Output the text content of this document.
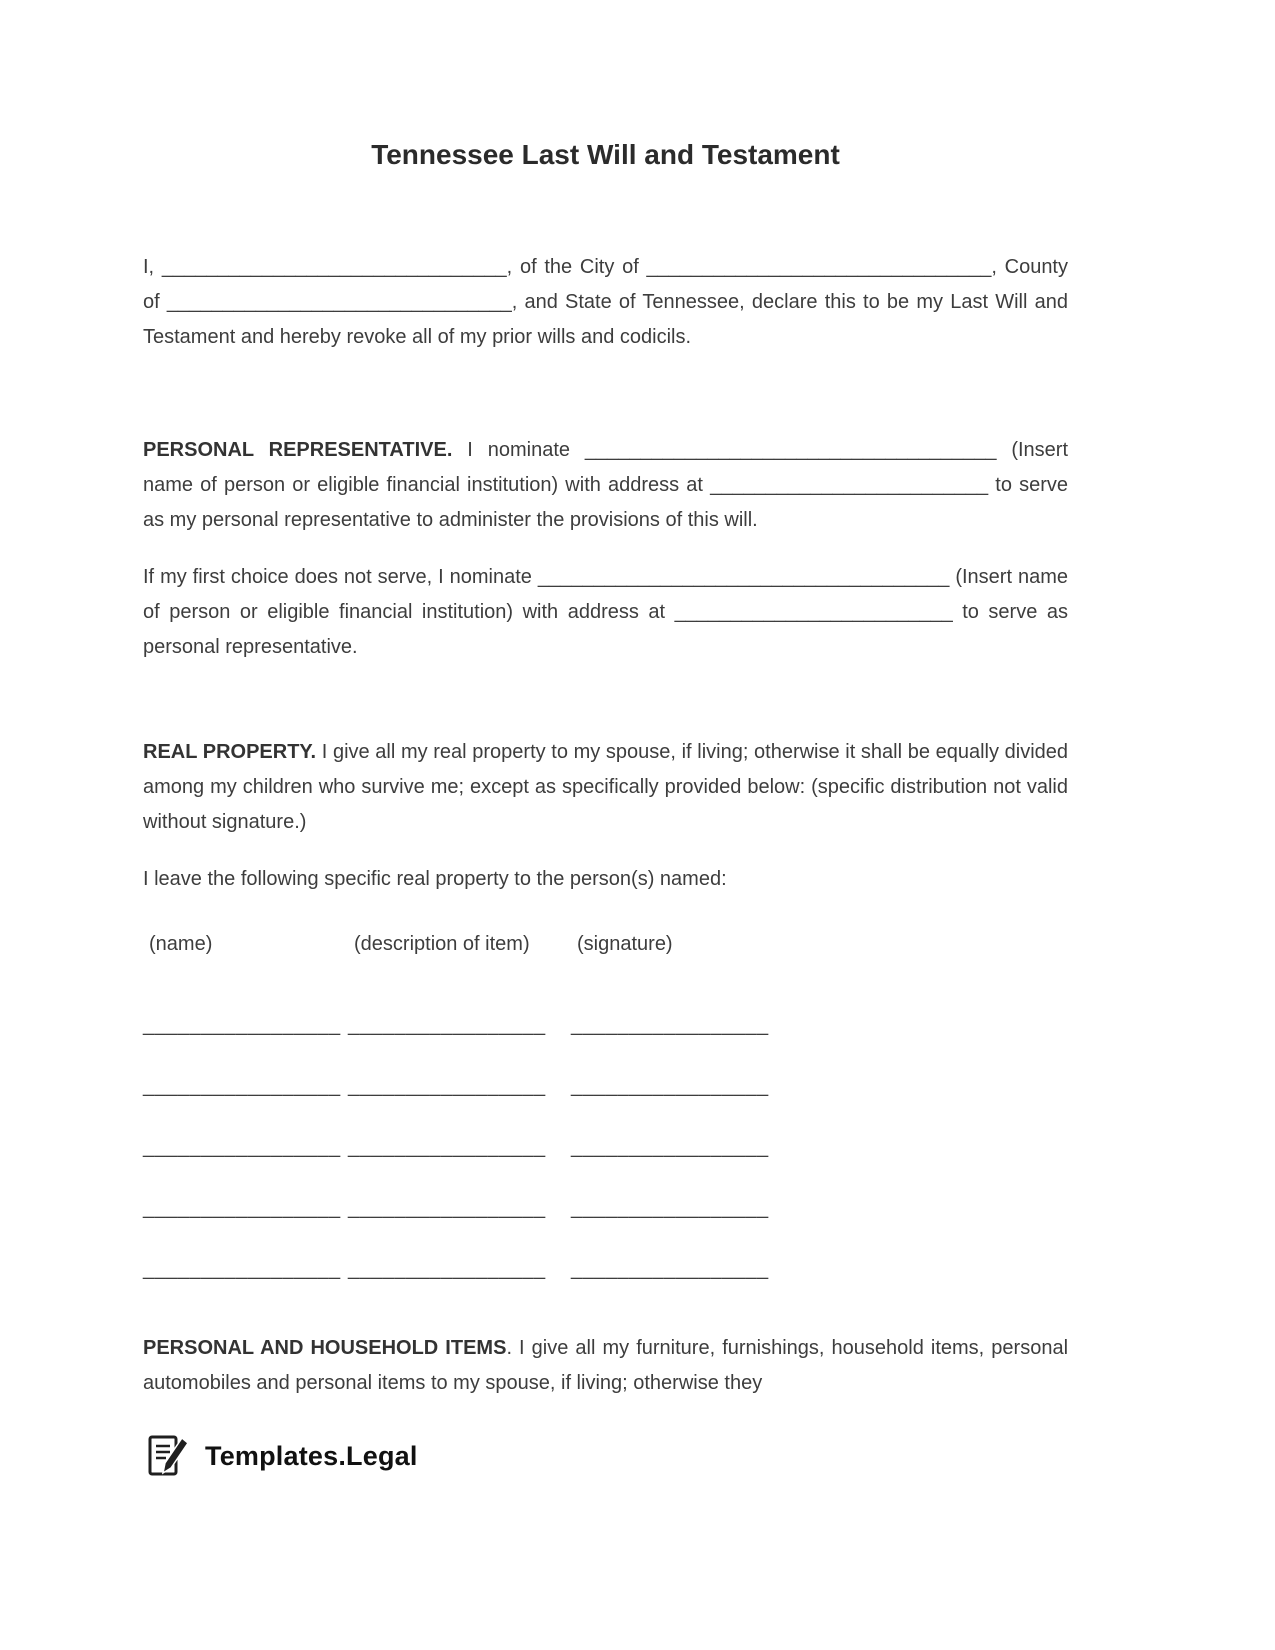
Tennessee Last Will and Testament

I, _______________________________, of the City of _______________________________, County of _______________________________, and State of Tennessee, declare this to be my Last Will and Testament and hereby revoke all of my prior wills and codicils.

PERSONAL REPRESENTATIVE. I nominate _____________________________________ (Insert name of person or eligible financial institution) with address at _________________________ to serve as my personal representative to administer the provisions of this will.

If my first choice does not serve, I nominate _____________________________________ (Insert name of person or eligible financial institution) with address at _________________________ to serve as personal representative.

REAL PROPERTY. I give all my real property to my spouse, if living; otherwise it shall be equally divided among my children who survive me; except as specifically provided below: (specific distribution not valid without signature.)

I leave the following specific real property to the person(s) named:

(name)	(description of item)	(signature)
_________________ _________________	_________________
_________________ _________________	_________________
_________________ _________________	_________________
_________________ _________________	_________________
_________________ _________________	_________________

PERSONAL AND HOUSEHOLD ITEMS. I give all my furniture, furnishings, household items, personal automobiles and personal items to my spouse, if living; otherwise they

Templates.Legal
